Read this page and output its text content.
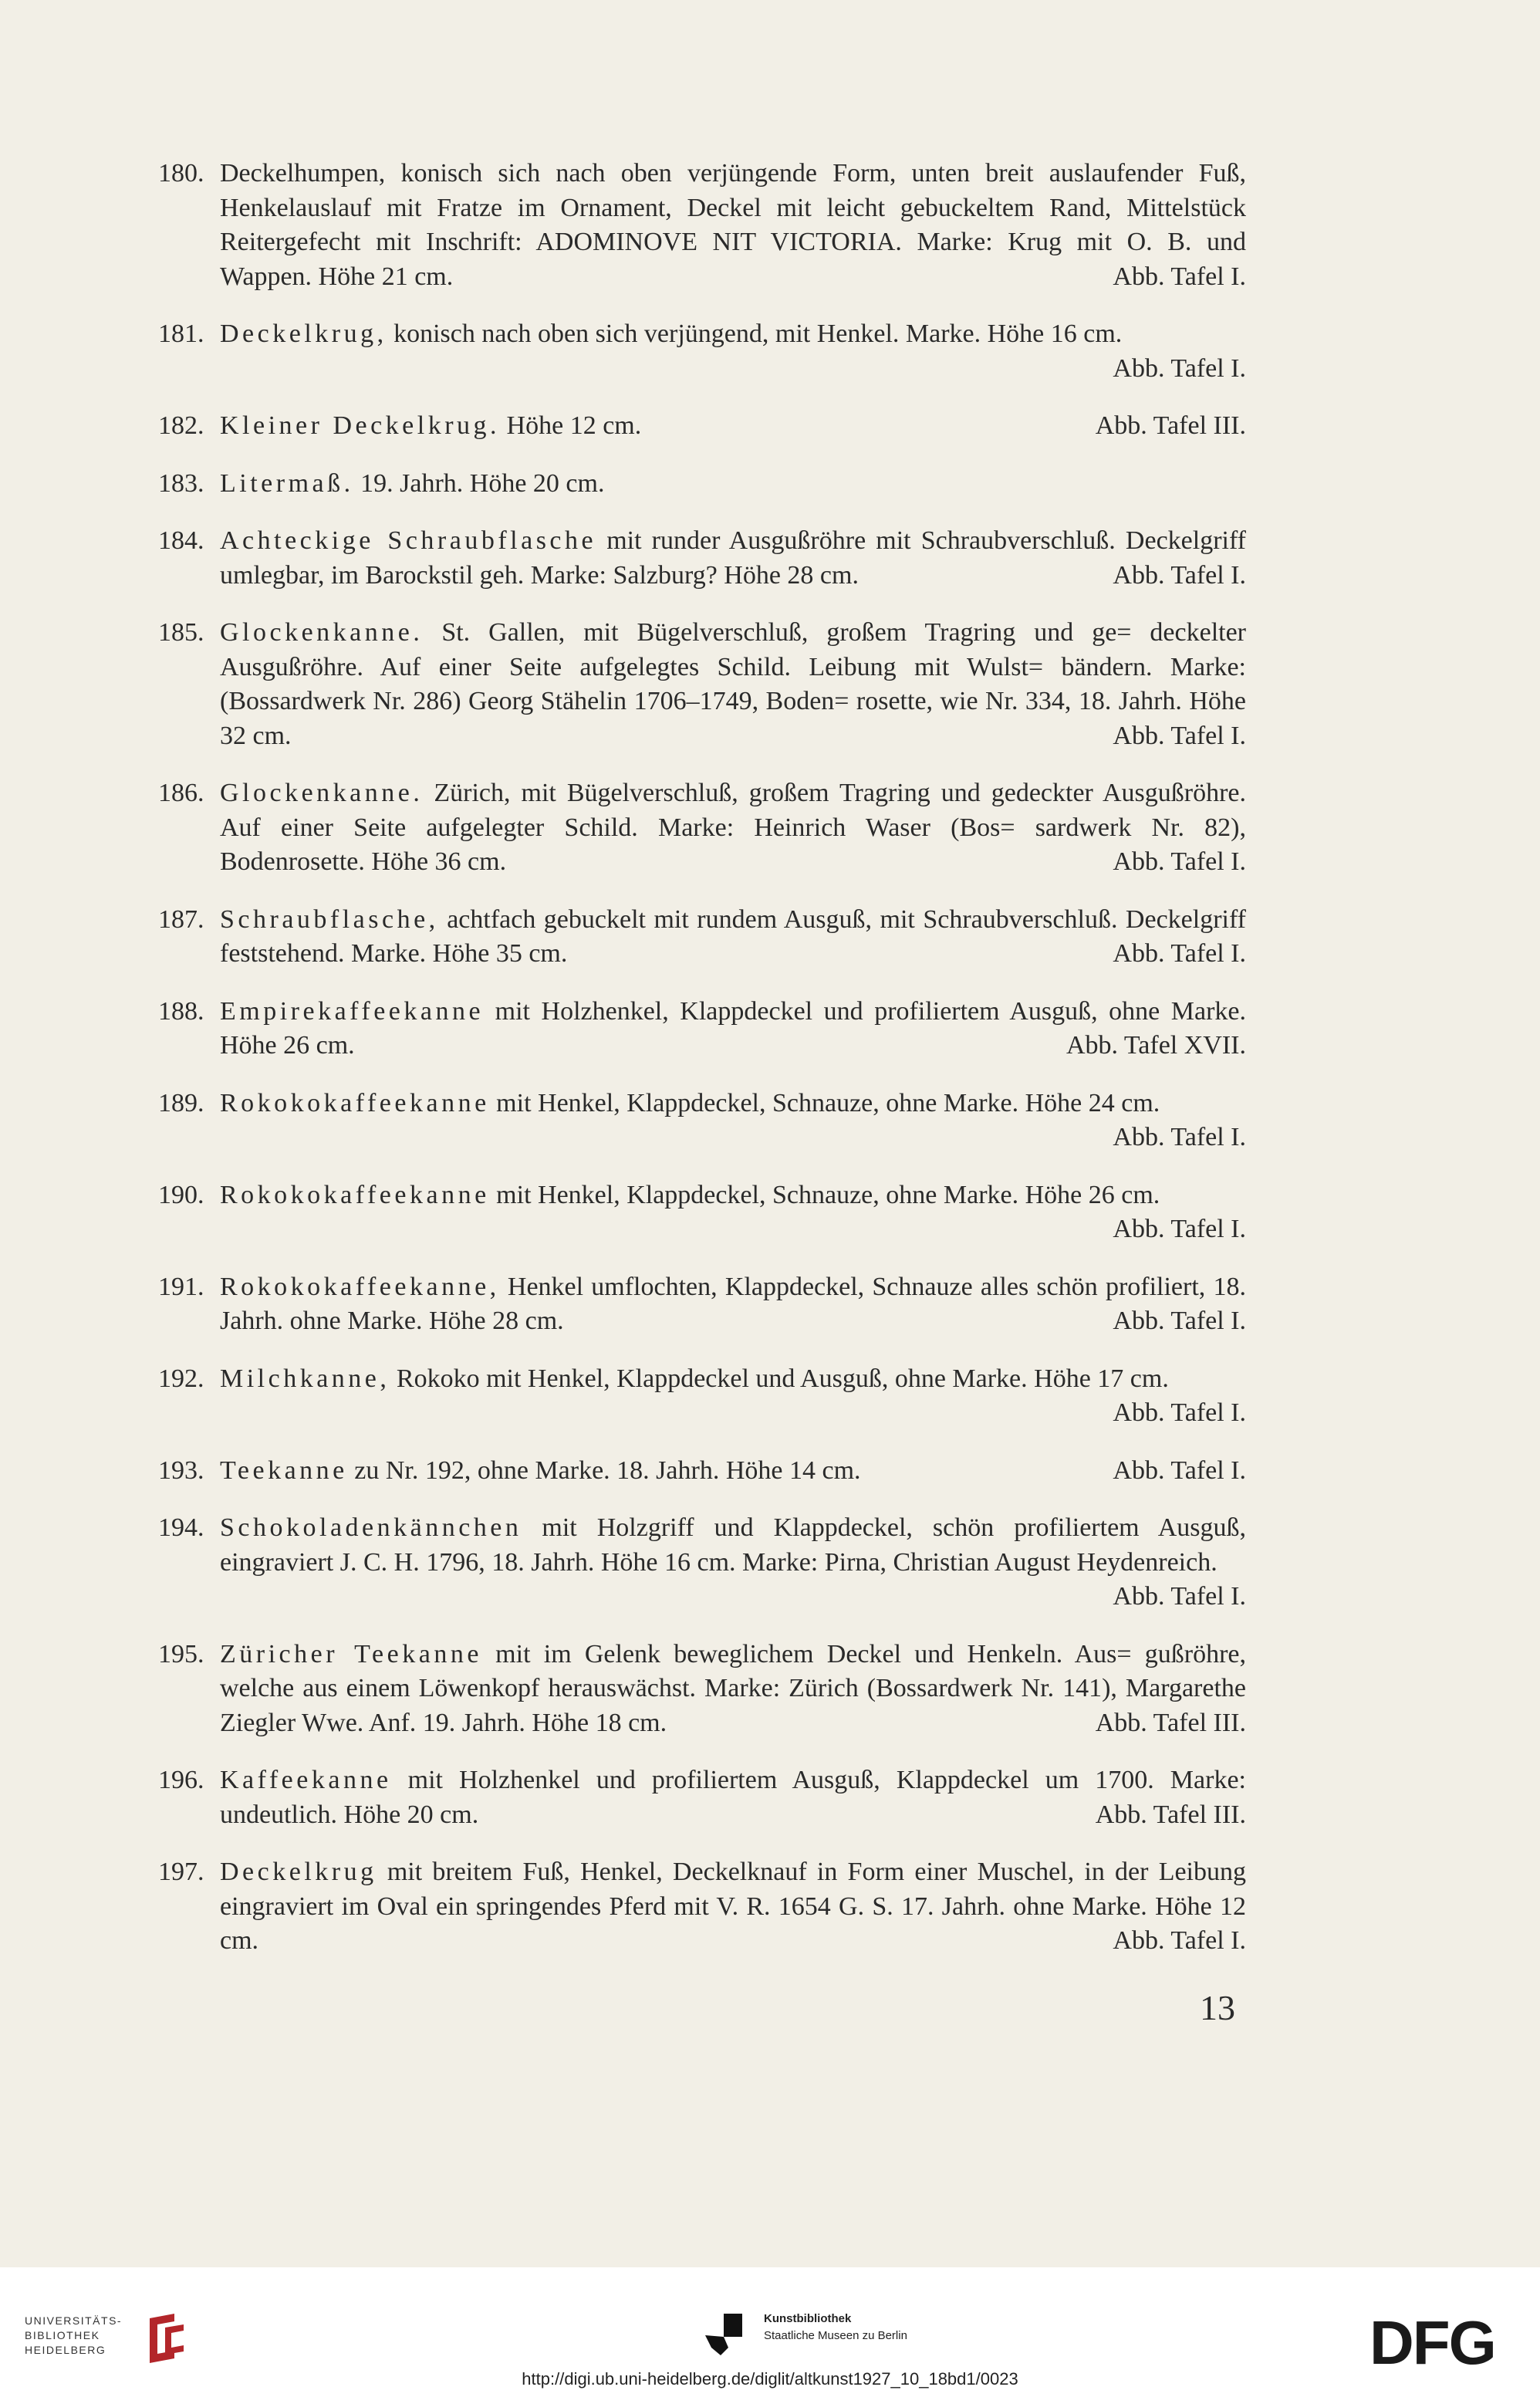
180. Deckelhumpen, konisch sich nach oben verjüngende Form, unten breit auslaufender Fuß, Henkelauslauf mit Fratze im Ornament, Deckel mit leicht gebuckeltem Rand, Mittelstück Reitergefecht mit Inschrift: ADOMINOVE NIT VICTORIA. Marke: Krug mit O. B. und Wappen. Höhe 21 cm.	Abb. Tafel I.
181. Deckelkrug, konisch nach oben sich verjüngend, mit Henkel. Marke. Höhe 16 cm.
Abb. Tafel I.
182. Kleiner Deckelkrug. Höhe 12 cm.	Abb. Tafel III.
183. Litermaß. 19. Jahrh. Höhe 20 cm.
184. Achteckige Schraubflasche mit runder Ausgußröhre mit Schraubverschluß. Deckelgriff umlegbar, im Barockstil geh. Marke: Salzburg? Höhe 28 cm.	Abb. Tafel I.
185. Glockenkanne. St. Gallen, mit Bügelverschluß, großem Tragring und ge= deckelter Ausgußröhre. Auf einer Seite aufgelegtes Schild. Leibung mit Wulst= bändern. Marke: (Bossardwerk Nr. 286) Georg Stähelin 1706–1749, Boden= rosette, wie Nr. 334, 18. Jahrh. Höhe 32 cm.	Abb. Tafel I.
186. Glockenkanne. Zürich, mit Bügelverschluß, großem Tragring und gedeckter Ausgußröhre. Auf einer Seite aufgelegter Schild. Marke: Heinrich Waser (Bos= sardwerk Nr. 82), Bodenrosette. Höhe 36 cm.	Abb. Tafel I.
187. Schraubflasche, achtfach gebuckelt mit rundem Ausguß, mit Schraubverschluß. Deckelgriff feststehend. Marke. Höhe 35 cm.	Abb. Tafel I.
188. Empirekaffeekanne mit Holzhenkel, Klappdeckel und profiliertem Ausguß, ohne Marke. Höhe 26 cm.	Abb. Tafel XVII.
189. Rokokokaffeekanne mit Henkel, Klappdeckel, Schnauze, ohne Marke. Höhe 24 cm.
Abb. Tafel I.
190. Rokokokaffeekanne mit Henkel, Klappdeckel, Schnauze, ohne Marke. Höhe 26 cm.
Abb. Tafel I.
191. Rokokokaffeekanne, Henkel umflochten, Klappdeckel, Schnauze alles schön profiliert, 18. Jahrh. ohne Marke. Höhe 28 cm.	Abb. Tafel I.
192. Milchkanne, Rokoko mit Henkel, Klappdeckel und Ausguß, ohne Marke. Höhe 17 cm.
Abb. Tafel I.
193. Teekanne zu Nr. 192, ohne Marke. 18. Jahrh. Höhe 14 cm.	Abb. Tafel I.
194. Schokoladenkännchen mit Holzgriff und Klappdeckel, schön profiliertem Ausguß, eingraviert J. C. H. 1796, 18. Jahrh. Höhe 16 cm. Marke: Pirna, Christian August Heydenreich.
Abb. Tafel I.
195. Züricher Teekanne mit im Gelenk beweglichem Deckel und Henkeln. Aus= gußröhre, welche aus einem Löwenkopf herauswächst. Marke: Zürich (Bossardwerk Nr. 141), Margarethe Ziegler Wwe. Anf. 19. Jahrh. Höhe 18 cm.	Abb. Tafel III.
196. Kaffeekanne mit Holzhenkel und profiliertem Ausguß, Klappdeckel um 1700. Marke: undeutlich. Höhe 20 cm.	Abb. Tafel III.
197. Deckelkrug mit breitem Fuß, Henkel, Deckelknauf in Form einer Muschel, in der Leibung eingraviert im Oval ein springendes Pferd mit V. R. 1654 G. S. 17. Jahrh. ohne Marke. Höhe 12 cm.	Abb. Tafel I.
13
UNIVERSITÄTS-
BIBLIOTHEK
HEIDELBERG
Kunstbibliothek
Staatliche Museen zu Berlin	DFG
http://digi.ub.uni-heidelberg.de/diglit/altkunst1927_10_18bd1/0023
